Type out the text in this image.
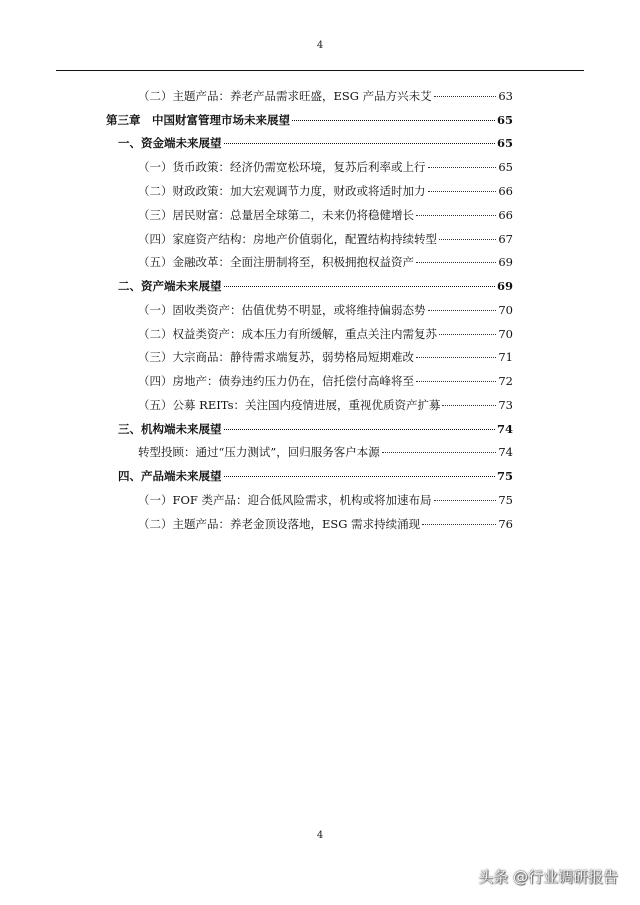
4
（二）主题产品：养老产品需求旺盛，ESG 产品方兴未艾	63
第三章　中国财富管理市场未来展望	65
一、资金端未来展望	65
（一）货币政策：经济仍需宽松环境，复苏后利率或上行	65
（二）财政政策：加大宏观调节力度，财政或将适时加力	66
（三）居民财富：总量居全球第二，未来仍将稳健增长	66
（四）家庭资产结构：房地产价值弱化，配置结构持续转型	67
（五）金融改革：全面注册制将至，积极拥抱权益资产	69
二、资产端未来展望	69
（一）固收类资产：估值优势不明显，或将维持偏弱态势	70
（二）权益类资产：成本压力有所缓解，重点关注内需复苏	70
（三）大宗商品：静待需求端复苏，弱势格局短期难改	71
（四）房地产：债券违约压力仍在，信托偿付高峰将至	72
（五）公募 REITs：关注国内疫情进展，重视优质资产扩募	73
三、机构端未来展望	74
转型投顾：通过“压力测试”，回归服务客户本源	74
四、产品端未来展望	75
（一）FOF 类产品：迎合低风险需求，机构或将加速布局	75
（二）主题产品：养老金顶设落地，ESG 需求持续涌现	76
4
头条 @行业调研报告
